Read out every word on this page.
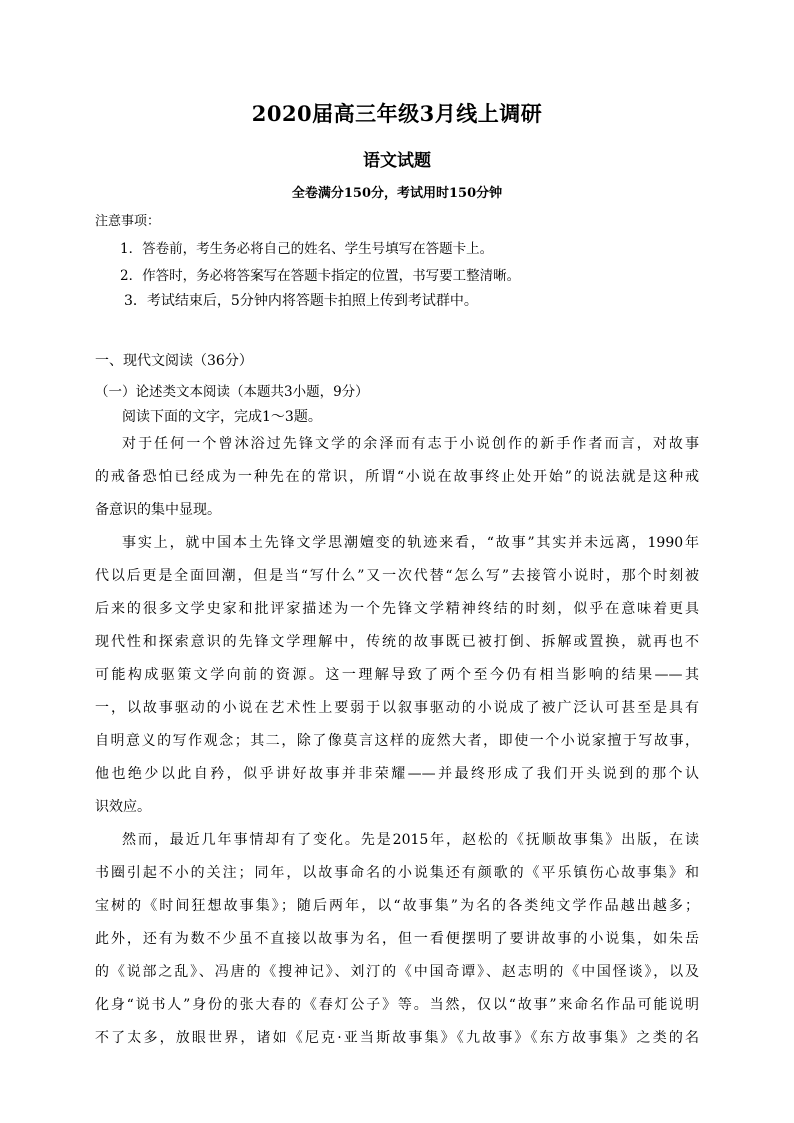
2020届高三年级3月线上调研
语文试题
全卷满分150分，考试用时150分钟
注意事项：
1．答卷前，考生务必将自己的姓名、学生号填写在答题卡上。
2．作答时，务必将答案写在答题卡指定的位置，书写要工整清晰。
3．考试结束后，5分钟内将答题卡拍照上传到考试群中。
一、现代文阅读（36分）
（一）论述类文本阅读（本题共3小题，9分）
阅读下面的文字，完成1～3题。
对于任何一个曾沐浴过先锋文学的余泽而有志于小说创作的新手作者而言，对故事
的戒备恐怕已经成为一种先在的常识，所谓“小说在故事终止处开始”的说法就是这种戒
备意识的集中显现。
事实上，就中国本土先锋文学思潮嬗变的轨迹来看，“故事”其实并未远离，1990年
代以后更是全面回潮，但是当“写什么”又一次代替“怎么写”去接管小说时，那个时刻被
后来的很多文学史家和批评家描述为一个先锋文学精神终结的时刻，似乎在意味着更具
现代性和探索意识的先锋文学理解中，传统的故事既已被打倒、拆解或置换，就再也不
可能构成驱策文学向前的资源。这一理解导致了两个至今仍有相当影响的结果——其
一，以故事驱动的小说在艺术性上要弱于以叙事驱动的小说成了被广泛认可甚至是具有
自明意义的写作观念；其二，除了像莫言这样的庞然大者，即使一个小说家擅于写故事，
他也绝少以此自矜，似乎讲好故事并非荣耀——并最终形成了我们开头说到的那个认
识效应。
然而，最近几年事情却有了变化。先是2015年，赵松的《抚顺故事集》出版，在读
书圈引起不小的关注；同年，以故事命名的小说集还有颜歌的《平乐镇伤心故事集》和
宝树的《时间狂想故事集》；随后两年，以“故事集”为名的各类纯文学作品越出越多；
此外，还有为数不少虽不直接以故事为名，但一看便摆明了要讲故事的小说集，如朱岳
的《说部之乱》、冯唐的《搜神记》、刘汀的《中国奇谭》、赵志明的《中国怪谈》，以及
化身“说书人”身份的张大春的《春灯公子》等。当然，仅以“故事”来命名作品可能说明
不了太多，放眼世界，诸如《尼克·亚当斯故事集》《九故事》《东方故事集》之类的名
